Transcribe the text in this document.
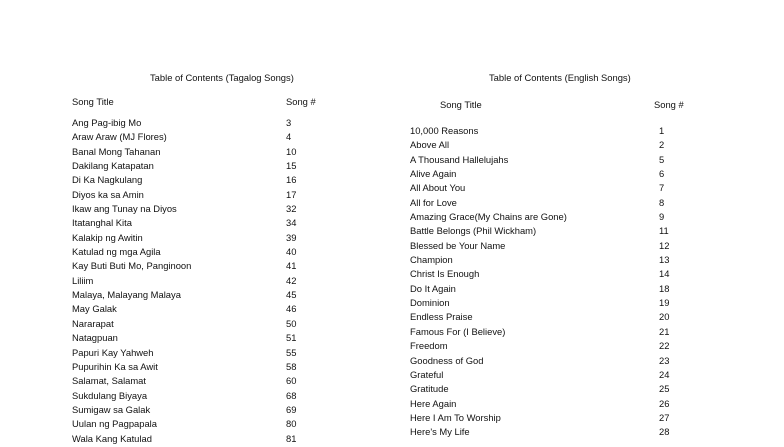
Table of Contents (Tagalog Songs)
Song Title	Song #
Ang Pag-ibig Mo	3
Araw Araw (MJ Flores)	4
Banal Mong Tahanan	10
Dakilang Katapatan	15
Di Ka Nagkulang	16
Diyos ka sa Amin	17
Ikaw ang Tunay na Diyos	32
Itatanghal Kita	34
Kalakip ng Awitin	39
Katulad ng mga Agila	40
Kay Buti Buti Mo, Panginoon	41
Liliim	42
Malaya, Malayang Malaya	45
May Galak	46
Nararapat	50
Natagpuan	51
Papuri Kay Yahweh	55
Pupurihin Ka sa Awit	58
Salamat, Salamat	60
Sukdulang Biyaya	68
Sumigaw sa Galak	69
Uulan ng Pagpapala	80
Wala Kang Katulad	81
Table of Contents (English Songs)
Song Title	Song #
10,000 Reasons	1
Above All	2
A Thousand Hallelujahs	5
Alive Again	6
All About You	7
All for Love	8
Amazing Grace(My Chains are Gone)	9
Battle Belongs (Phil Wickham)	11
Blessed be Your Name	12
Champion	13
Christ Is Enough	14
Do It Again	18
Dominion	19
Endless Praise	20
Famous For (I Believe)	21
Freedom	22
Goodness of God	23
Grateful	24
Gratitude	25
Here Again	26
Here I Am To Worship	27
Here's My Life	28
